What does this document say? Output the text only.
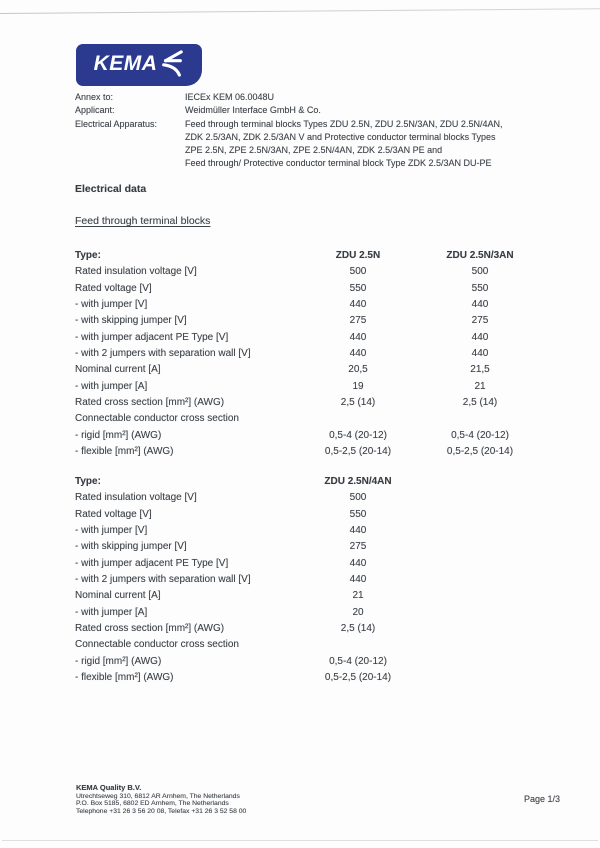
KEMA
Annex to:	IECEx KEM 06.0048U
Applicant:	Weidmüller Interface GmbH & Co.
Electrical Apparatus:	Feed through terminal blocks Types ZDU 2.5N, ZDU 2.5N/3AN, ZDU 2.5N/4AN,
ZDK 2.5/3AN, ZDK 2.5/3AN V and Protective conductor terminal blocks Types
ZPE 2.5N, ZPE 2.5N/3AN, ZPE 2.5N/4AN, ZDK 2.5/3AN PE and
Feed through/ Protective conductor terminal block Type ZDK 2.5/3AN DU-PE
Electrical data
Feed through terminal blocks
Type:	ZDU 2.5N	ZDU 2.5N/3AN
Rated insulation voltage [V]	500	500
Rated voltage [V]	550	550
- with jumper [V]	440	440
- with skipping jumper [V]	275	275
- with jumper adjacent PE Type [V]	440	440
- with 2 jumpers with separation wall [V]	440	440
Nominal current [A]	20,5	21,5
- with jumper [A]	19	21
Rated cross section [mm²] (AWG)	2,5 (14)	2,5 (14)
Connectable conductor cross section
- rigid [mm²] (AWG)	0,5-4 (20-12)	0,5-4 (20-12)
- flexible [mm²] (AWG)	0,5-2,5 (20-14)	0,5-2,5 (20-14)
Type:	ZDU 2.5N/4AN
Rated insulation voltage [V]	500
Rated voltage [V]	550
- with jumper [V]	440
- with skipping jumper [V]	275
- with jumper adjacent PE Type [V]	440
- with 2 jumpers with separation wall [V]	440
Nominal current [A]	21
- with jumper [A]	20
Rated cross section [mm²] (AWG)	2,5 (14)
Connectable conductor cross section
- rigid [mm²] (AWG)	0,5-4 (20-12)
- flexible [mm²] (AWG)	0,5-2,5 (20-14)
KEMA Quality B.V.
Utrechtseweg 310, 6812 AR Arnhem, The Netherlands
P.O. Box 5185, 6802 ED Arnhem, The Netherlands
Telephone +31 26 3 56 20 08, Telefax +31 26 3 52 58 00
Page 1/3
